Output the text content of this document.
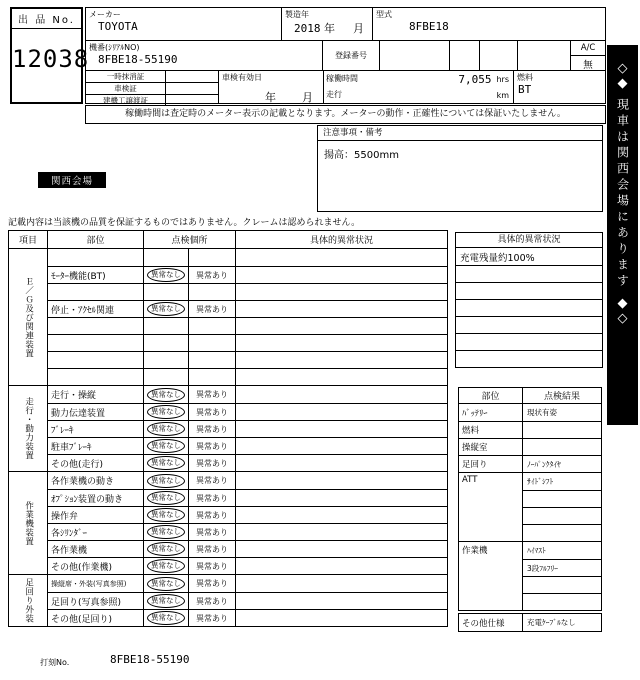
出 品 No.
12038
メーカー
TOYOTA
製造年
2018 年 月
型式
8FBE18
機番(ｼﾘｱﾙNO)
8FBE18-55190	登録番号
A/C
無
一時抹消証
車検証
建機工譲渡証
車検有効日
年 月
稼働時間	7,055 hrs
走行	km
燃料
BT
稼働時間は査定時のメーター表示の記載となります。メーターの動作・正確性については保証いたしません。
注意事項・備考
揚高：5500mm
関西会場
記載内容は当該機の品質を保証するものではありません。クレームは認められません。
項目	部位	点検個所	具体的異常状況
Ｅ／Ｇ及び関連装置	ﾓｰﾀｰ機能(BT)	異常なし	異常あり
停止・ｱｸｾﾙ関連	異常なし	異常あり
走行・動力装置
走行・操縦	異常なし	異常あり
動力伝達装置	異常なし	異常あり
ﾌﾞﾚｰｷ	異常なし	異常あり
駐車ﾌﾞﾚｰｷ	異常なし	異常あり
その他(走行)	異常なし	異常あり
作業機装置
各作業機の動き	異常なし	異常あり
ｵﾌﾟｼｮﾝ装置の動き	異常なし	異常あり
操作弁	異常なし	異常あり
各ｼﾘﾝﾀﾞｰ	異常なし	異常あり
各作業機	異常なし	異常あり
その他(作業機)	異常なし	異常あり
足回り外装	操縦席・外装(写真参照)	異常なし	異常あり
足回り(写真参照)	異常なし	異常あり
その他(足回り)	異常なし	異常あり
具体的異常状況
充電残量約100%
部位	点検結果
ﾊﾞｯﾃﾘｰ	現状有姿
燃料
操縦室
足回り	ﾉｰﾊﾟﾝｸﾀｲﾔ
ATT	ｻｲﾄﾞｼﾌﾄ
作業機	ﾊｲﾏｽﾄ
3段ﾌﾙﾌﾘｰ
その他仕様	充電ｹｰﾌﾞﾙなし
◇
◆
現車は関西会場にあります
◆
◇
打刻No.	8FBE18-55190
